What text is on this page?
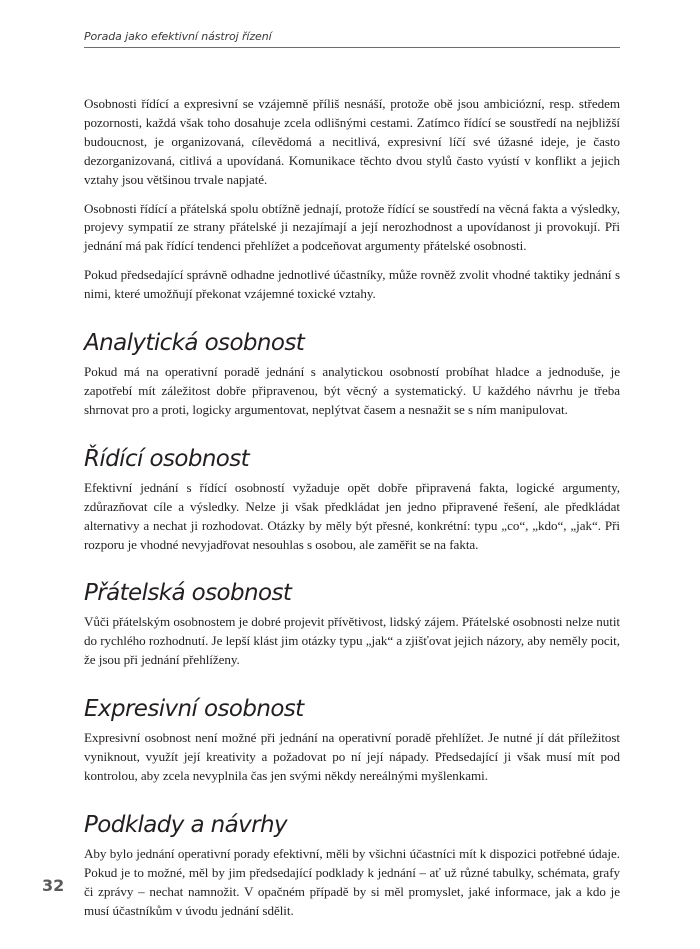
Porada jako efektivní nástroj řízení

Osobnosti řídící a expresivní se vzájemně příliš nesnáší, protože obě jsou ambiciózní, resp. středem pozornosti, každá však toho dosahuje zcela odlišnými cestami. Zatímco řídící se soustředí na nejbližší budoucnost, je organizovaná, cílevědomá a necitlivá, expresivní líčí své úžasné ideje, je často dezorganizovaná, citlivá a upovídaná. Komunikace těchto dvou stylů často vyústí v konflikt a jejich vztahy jsou většinou trvale napjaté.

Osobnosti řídící a přátelská spolu obtížně jednají, protože řídící se soustředí na věcná fakta a výsledky, projevy sympatií ze strany přátelské ji nezajímají a její nerozhodnost a upovídanost ji provokují. Při jednání má pak řídící tendenci přehlížet a podceňovat argumenty přátelské osobnosti.

Pokud předsedající správně odhadne jednotlivé účastníky, může rovněž zvolit vhodné taktiky jednání s nimi, které umožňují překonat vzájemné toxické vztahy.

Analytická osobnost

Pokud má na operativní poradě jednání s analytickou osobností probíhat hladce a jednoduše, je zapotřebí mít záležitost dobře připravenou, být věcný a systematický. U každého návrhu je třeba shrnovat pro a proti, logicky argumentovat, neplýtvat časem a nesnažit se s ním manipulovat.

Řídící osobnost

Efektivní jednání s řídící osobností vyžaduje opět dobře připravená fakta, logické argumenty, zdůrazňovat cíle a výsledky. Nelze ji však předkládat jen jedno připravené řešení, ale předkládat alternativy a nechat ji rozhodovat. Otázky by měly být přesné, konkrétní: typu „co“, „kdo“, „jak“. Při rozporu je vhodné nevyjadřovat nesouhlas s osobou, ale zaměřit se na fakta.

Přátelská osobnost

Vůči přátelským osobnostem je dobré projevit přívětivost, lidský zájem. Přátelské osobnosti nelze nutit do rychlého rozhodnutí. Je lepší klást jim otázky typu „jak“ a zjišťovat jejich názory, aby neměly pocit, že jsou při jednání přehlíženy.

Expresivní osobnost

Expresivní osobnost není možné při jednání na operativní poradě přehlížet. Je nutné jí dát příležitost vyniknout, využít její kreativity a požadovat po ní její nápady. Předsedající ji však musí mít pod kontrolou, aby zcela nevyplnila čas jen svými někdy nereálnými myšlenkami.

Podklady a návrhy

Aby bylo jednání operativní porady efektivní, měli by všichni účastníci mít k dispozici potřebné údaje. Pokud je to možné, měl by jim předsedající podklady k jednání – ať už různé tabulky, schémata, grafy či zprávy – nechat namnožit. V opačném případě by si měl promyslet, jaké informace, jak a kdo je musí účastníkům v úvodu jednání sdělit.

32
